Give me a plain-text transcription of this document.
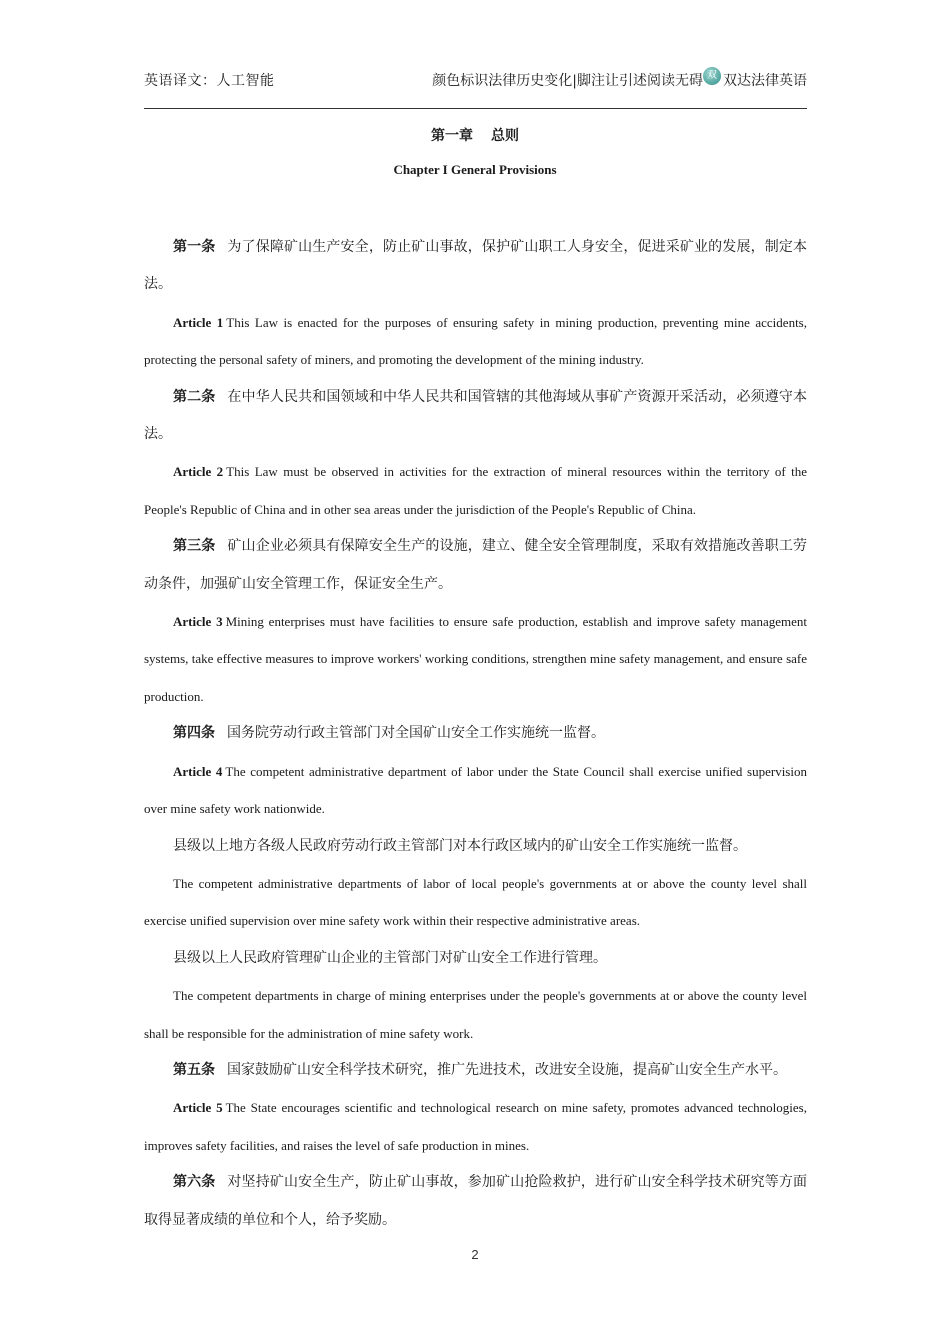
英语译文：人工智能	颜色标识法律历史变化|脚注让引述阅读无碍 双 双达法律英语
第一章 总则
Chapter I General Provisions

第一条 为了保障矿山生产安全，防止矿山事故，保护矿山职工人身安全，促进采矿业的发展，制定本法。

Article 1 This Law is enacted for the purposes of ensuring safety in mining production, preventing mine accidents, protecting the personal safety of miners, and promoting the development of the mining industry.

第二条 在中华人民共和国领域和中华人民共和国管辖的其他海域从事矿产资源开采活动，必须遵守本法。

Article 2 This Law must be observed in activities for the extraction of mineral resources within the territory of the People's Republic of China and in other sea areas under the jurisdiction of the People's Republic of China.

第三条 矿山企业必须具有保障安全生产的设施，建立、健全安全管理制度，采取有效措施改善职工劳动条件，加强矿山安全管理工作，保证安全生产。

Article 3 Mining enterprises must have facilities to ensure safe production, establish and improve safety management systems, take effective measures to improve workers' working conditions, strengthen mine safety management, and ensure safe production.

第四条 国务院劳动行政主管部门对全国矿山安全工作实施统一监督。

Article 4 The competent administrative department of labor under the State Council shall exercise unified supervision over mine safety work nationwide.

县级以上地方各级人民政府劳动行政主管部门对本行政区域内的矿山安全工作实施统一监督。

The competent administrative departments of labor of local people's governments at or above the county level shall exercise unified supervision over mine safety work within their respective administrative areas.

县级以上人民政府管理矿山企业的主管部门对矿山安全工作进行管理。

The competent departments in charge of mining enterprises under the people's governments at or above the county level shall be responsible for the administration of mine safety work.

第五条 国家鼓励矿山安全科学技术研究，推广先进技术，改进安全设施，提高矿山安全生产水平。

Article 5 The State encourages scientific and technological research on mine safety, promotes advanced technologies, improves safety facilities, and raises the level of safe production in mines.

第六条 对坚持矿山安全生产，防止矿山事故，参加矿山抢险救护，进行矿山安全科学技术研究等方面取得显著成绩的单位和个人，给予奖励。

2
